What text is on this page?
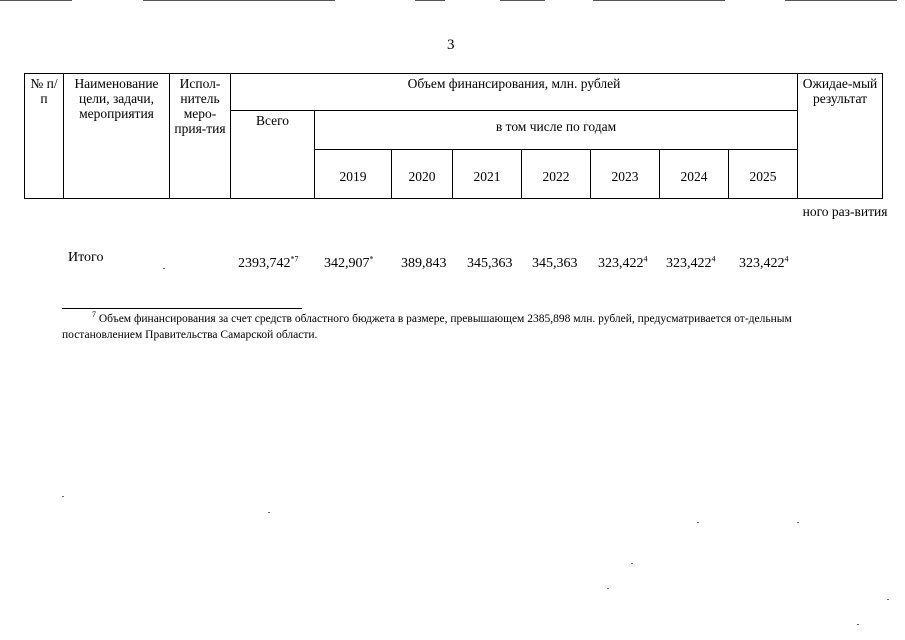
3
№ п/п	Наименование цели, задачи, мероприятия	Испол-нитель меро-прия-тия	Объем финансирования, млн. рублей								Ожидае-мый результат
			Всего	в том числе по годам							
				2019	2020	2021	2022	2023	2024	2025	
ного раз-вития
Итого	2393,742$^{*7}$ 342,907* 389,843 345,363 345,363 323,422$^4$ 323,422$^4$ 323,422$^4$
$^7$ Объем финансирования за счет средств областного бюджета в размере, превышающем 2385,898 млн. рублей, предусматривается от-дельным постановлением Правительства Самарской области.
